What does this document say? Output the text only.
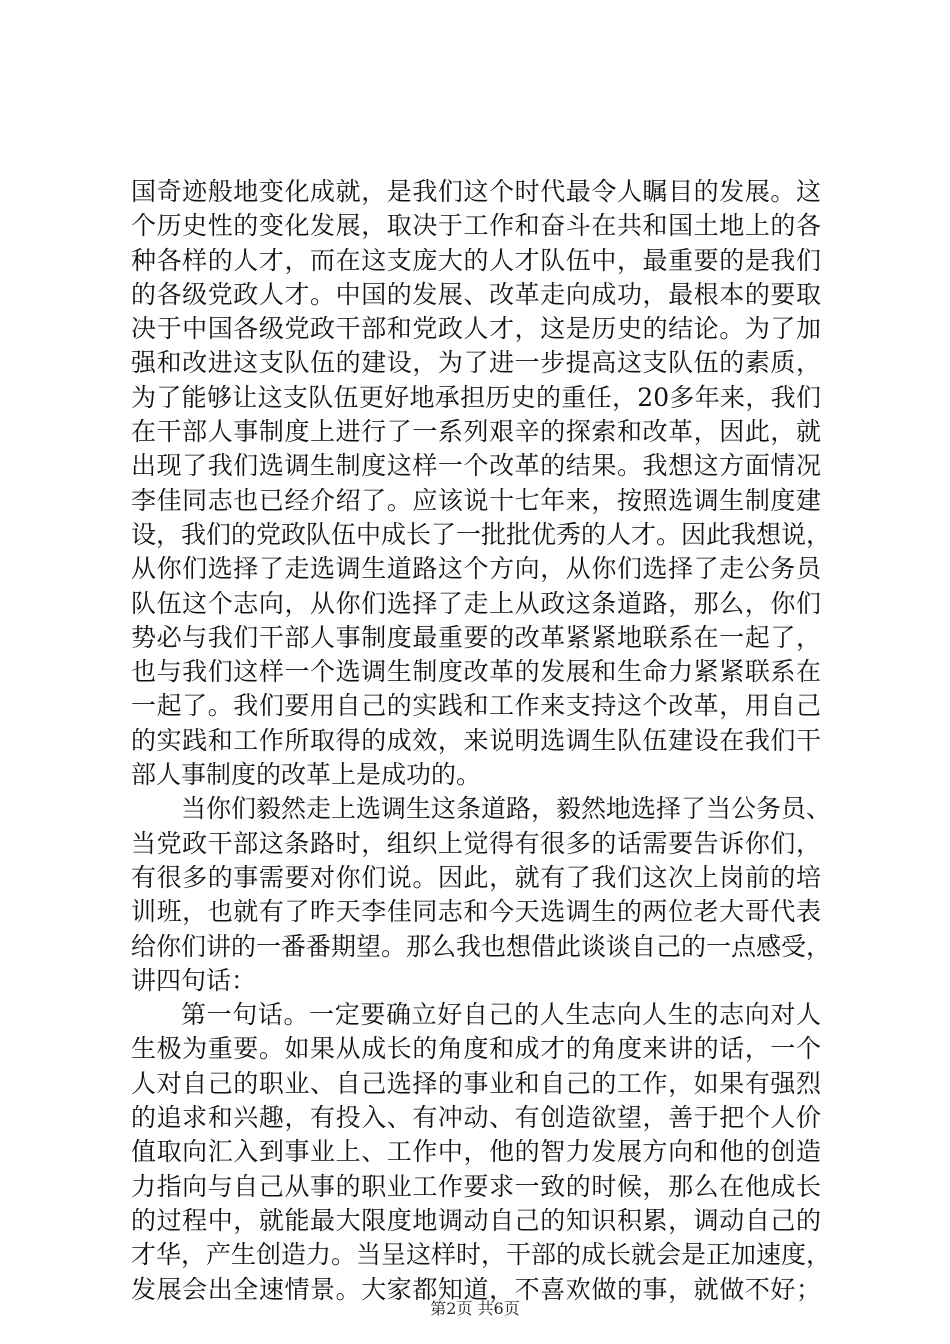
国奇迹般地变化成就，是我们这个时代最令人瞩目的发展。这
个历史性的变化发展，取决于工作和奋斗在共和国土地上的各
种各样的人才，而在这支庞大的人才队伍中，最重要的是我们
的各级党政人才。中国的发展、改革走向成功，最根本的要取
决于中国各级党政干部和党政人才，这是历史的结论。为了加
强和改进这支队伍的建设，为了进一步提高这支队伍的素质，
为了能够让这支队伍更好地承担历史的重任，20多年来，我们
在干部人事制度上进行了一系列艰辛的探索和改革，因此，就
出现了我们选调生制度这样一个改革的结果。我想这方面情况
李佳同志也已经介绍了。应该说十七年来，按照选调生制度建
设，我们的党政队伍中成长了一批批优秀的人才。因此我想说，
从你们选择了走选调生道路这个方向，从你们选择了走公务员
队伍这个志向，从你们选择了走上从政这条道路，那么，你们
势必与我们干部人事制度最重要的改革紧紧地联系在一起了，
也与我们这样一个选调生制度改革的发展和生命力紧紧联系在
一起了。我们要用自己的实践和工作来支持这个改革，用自己
的实践和工作所取得的成效，来说明选调生队伍建设在我们干
部人事制度的改革上是成功的。
当你们毅然走上选调生这条道路，毅然地选择了当公务员、
当党政干部这条路时，组织上觉得有很多的话需要告诉你们，
有很多的事需要对你们说。因此，就有了我们这次上岗前的培
训班，也就有了昨天李佳同志和今天选调生的两位老大哥代表
给你们讲的一番番期望。那么我也想借此谈谈自己的一点感受，
讲四句话：
第一句话。一定要确立好自己的人生志向人生的志向对人
生极为重要。如果从成长的角度和成才的角度来讲的话，一个
人对自己的职业、自己选择的事业和自己的工作，如果有强烈
的追求和兴趣，有投入、有冲动、有创造欲望，善于把个人价
值取向汇入到事业上、工作中，他的智力发展方向和他的创造
力指向与自己从事的职业工作要求一致的时候，那么在他成长
的过程中，就能最大限度地调动自己的知识积累，调动自己的
才华，产生创造力。当呈这样时，干部的成长就会是正加速度，
发展会出全速情景。大家都知道，不喜欢做的事，就做不好；
第2页 共6页
